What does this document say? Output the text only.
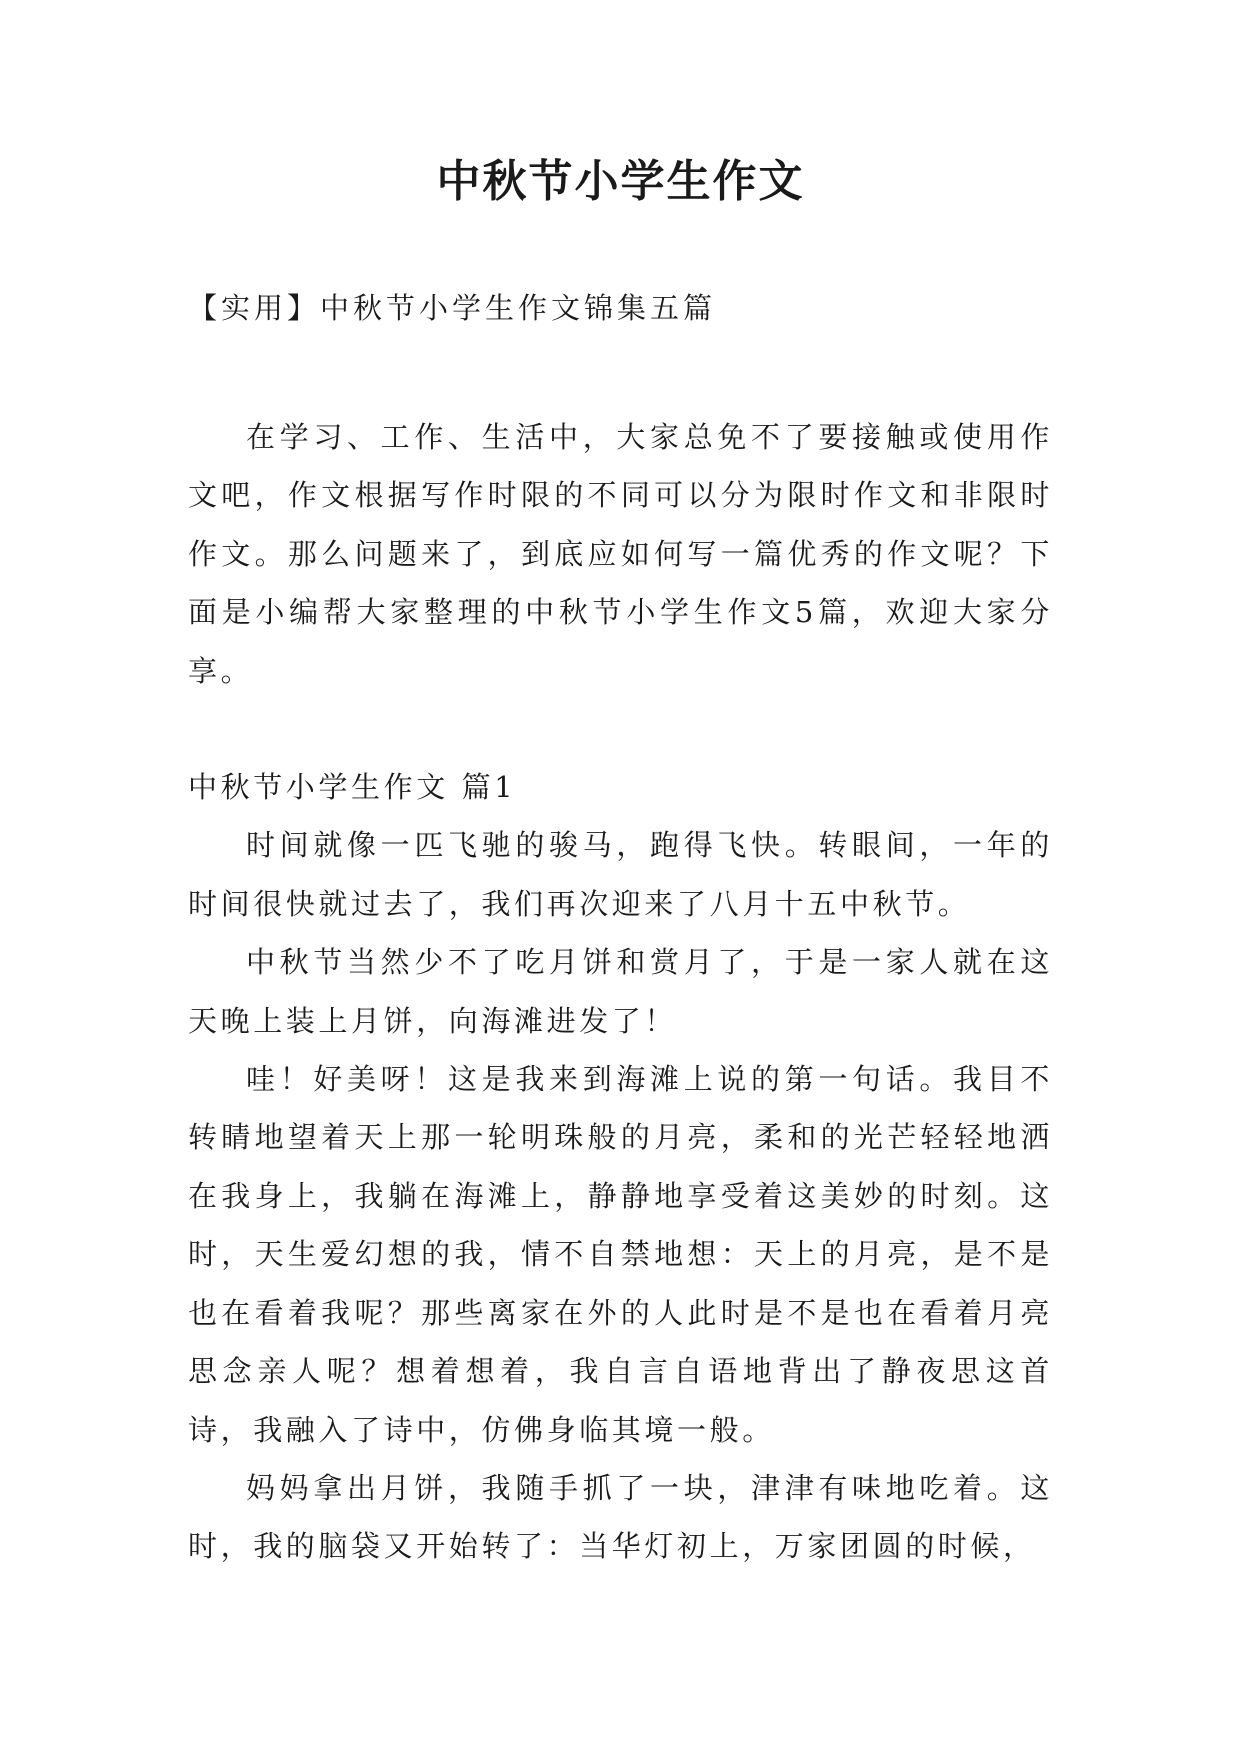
中秋节小学生作文
【实用】中秋节小学生作文锦集五篇

在学习、工作、生活中，大家总免不了要接触或使用作文吧，作文根据写作时限的不同可以分为限时作文和非限时作文。那么问题来了，到底应如何写一篇优秀的作文呢？下面是小编帮大家整理的中秋节小学生作文5篇，欢迎大家分享。

中秋节小学生作文 篇1

时间就像一匹飞驰的骏马，跑得飞快。转眼间，一年的时间很快就过去了，我们再次迎来了八月十五中秋节。

中秋节当然少不了吃月饼和赏月了，于是一家人就在这天晚上装上月饼，向海滩进发了！

哇！好美呀！这是我来到海滩上说的第一句话。我目不转睛地望着天上那一轮明珠般的月亮，柔和的光芒轻轻地洒在我身上，我躺在海滩上，静静地享受着这美妙的时刻。这时，天生爱幻想的我，情不自禁地想：天上的月亮，是不是也在看着我呢？那些离家在外的人此时是不是也在看着月亮思念亲人呢？想着想着，我自言自语地背出了静夜思这首诗，我融入了诗中，仿佛身临其境一般。

妈妈拿出月饼，我随手抓了一块，津津有味地吃着。这时，我的脑袋又开始转了：当华灯初上，万家团圆的时候，
